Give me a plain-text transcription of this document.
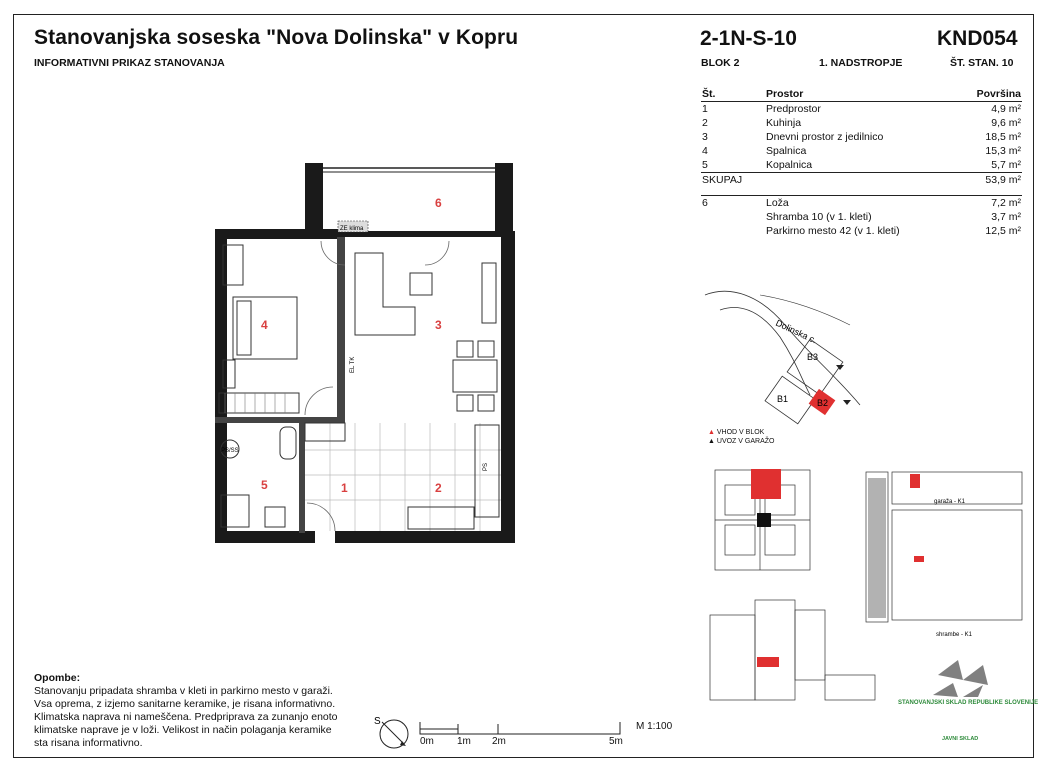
Stanovanjska soseska "Nova Dolinska" v Kopru
INFORMATIVNI PRIKAZ STANOVANJA
2-1N-S-10	KND054
BLOK 2	1. NADSTROPJE	ŠT. STAN. 10
Št.	Prostor	Površina
1	Predprostor	4,9 m²
2	Kuhinja	9,6 m²
3	Dnevni prostor z jedilnico	18,5 m²
4	Spalnica	15,3 m²
5	Kopalnica	5,7 m²
SKUPAJ		53,9 m²

6	Loža	7,2 m²
	Shramba 10 (v 1. kleti)	3,7 m²
	Parkirno mesto 42 (v 1. kleti)	12,5 m²
ZE klima
EL TK
PS/SS
PS
1	2
3
4
5
6
Dolinska c.
B3
B1	B2
▲ VHOD V BLOK
▲ UVOZ V GARAŽO
garaža - K1
shrambe - K1
STANOVANJSKI SKLAD REPUBLIKE SLOVENIJE
JAVNI SKLAD
Opombe:
Stanovanju pripadata shramba v kleti in parkirno mesto v garaži.
Vsa oprema, z izjemo sanitarne keramike, je risana informativno.
Klimatska naprava ni nameščena. Predpriprava za zunanjo enoto
klimatske naprave je v loži. Velikost in način polaganja keramike
sta risana informativno.
S
0m 1m 2m	5m
M 1:100
